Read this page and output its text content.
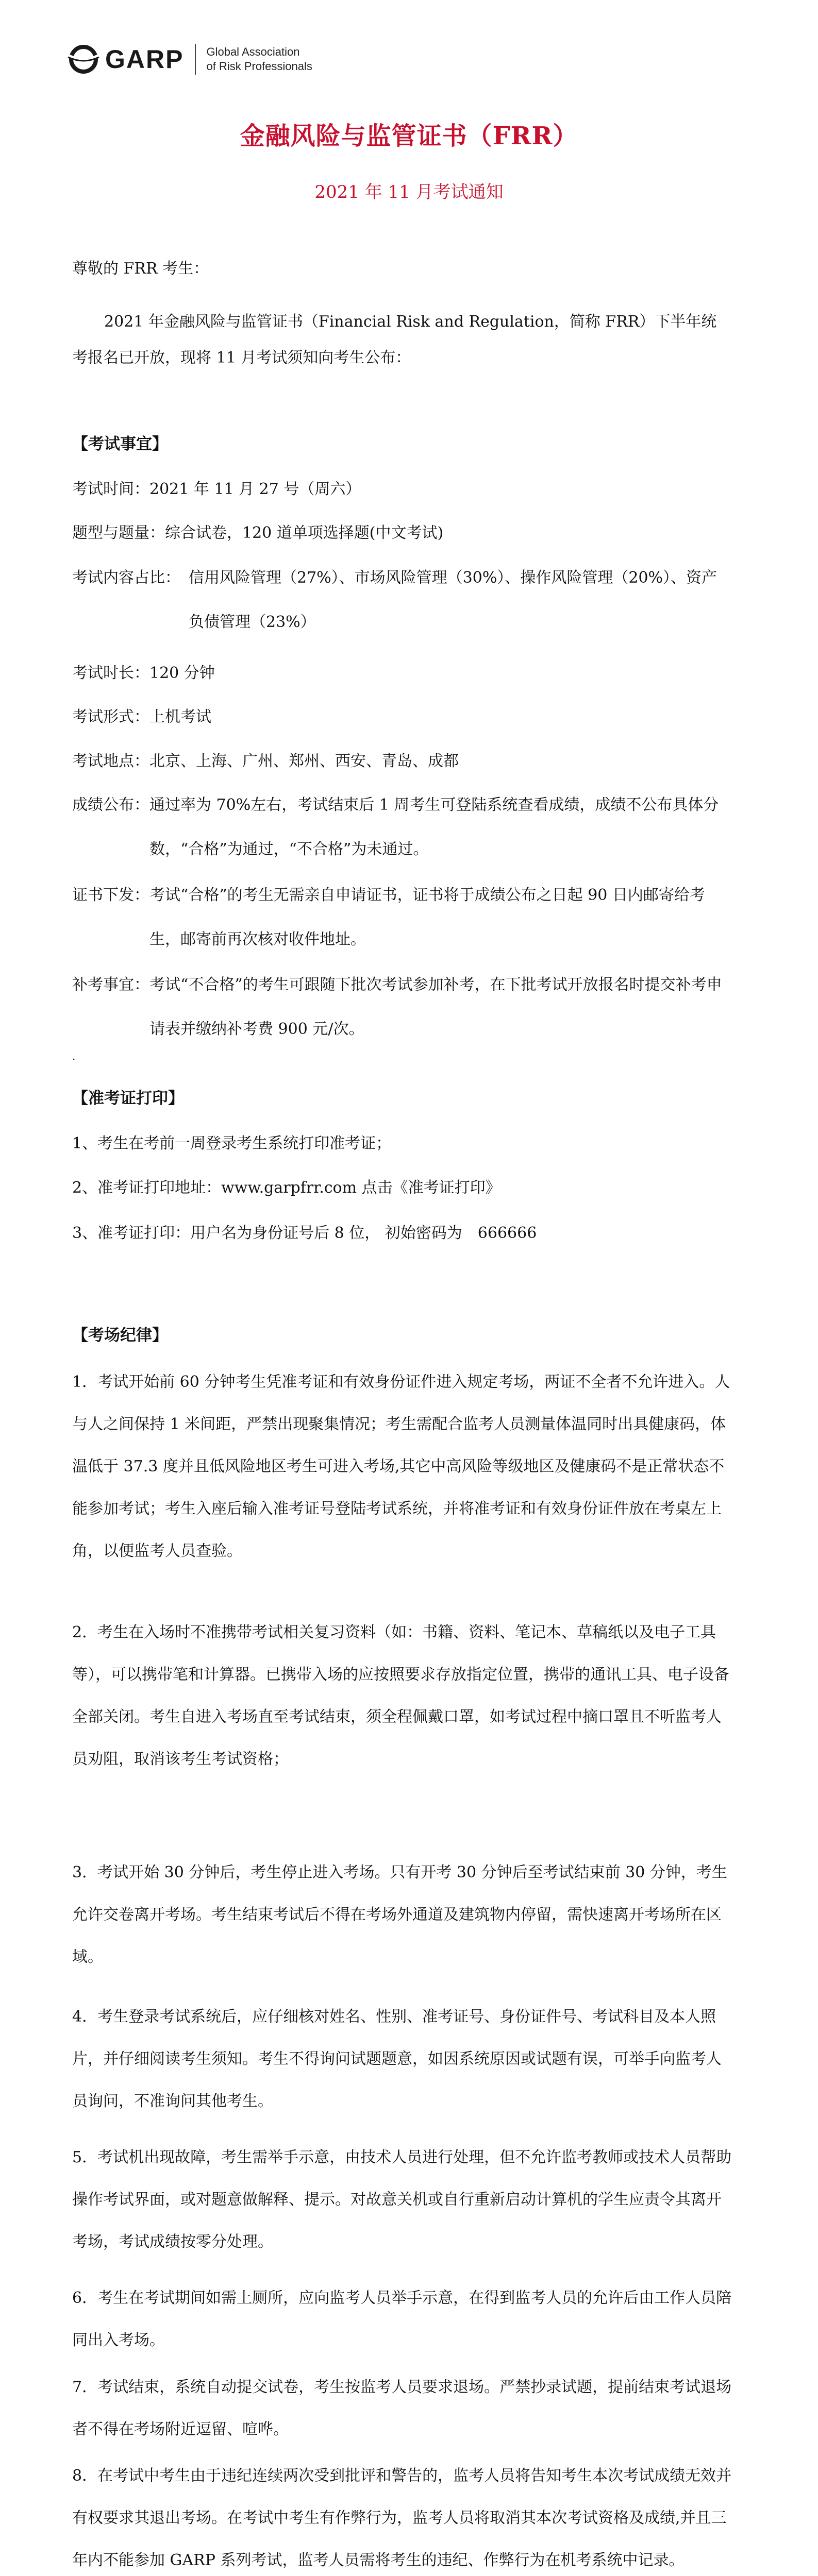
GARP Global Association
of Risk Professionals
金融风险与监管证书（FRR）
2021 年 11 月考试通知

尊敬的 FRR 考生：

2021 年金融风险与监管证书（Financial Risk and Regulation，简称 FRR）下半年统考报名已开放，现将 11 月考试须知向考生公布：

【考试事宜】
考试时间： 2021 年 11 月 27 号（周六）
题型与题量： 综合试卷，120 道单项选择题(中文考试)
考试内容占比： 信用风险管理（27%）、市场风险管理（30%）、操作风险管理（20%）、资产负债管理（23%）
考试时长： 120 分钟
考试形式： 上机考试
考试地点： 北京、上海、广州、郑州、西安、青岛、成都
成绩公布： 通过率为 70%左右，考试结束后 1 周考生可登陆系统查看成绩，成绩不公布具体分数，“合格”为通过，“不合格”为未通过。
证书下发： 考试“合格”的考生无需亲自申请证书，证书将于成绩公布之日起 90 日内邮寄给考生，邮寄前再次核对收件地址。
补考事宜： 考试“不合格”的考生可跟随下批次考试参加补考，在下批考试开放报名时提交补考申请表并缴纳补考费 900 元/次。
.
【准考证打印】

1、考生在考前一周登录考生系统打印准考证；

2、准考证打印地址：www.garpfrr.com 点击《准考证打印》

3、准考证打印：用户名为身份证号后 8 位， 初始密码为　666666

【考场纪律】

1．考试开始前 60 分钟考生凭准考证和有效身份证件进入规定考场，两证不全者不允许进入。人与人之间保持 1 米间距，严禁出现聚集情况；考生需配合监考人员测量体温同时出具健康码，体温低于 37.3 度并且低风险地区考生可进入考场,其它中高风险等级地区及健康码不是正常状态不能参加考试；考生入座后输入准考证号登陆考试系统，并将准考证和有效身份证件放在考桌左上角，以便监考人员查验。

2．考生在入场时不准携带考试相关复习资料（如：书籍、资料、笔记本、草稿纸以及电子工具等），可以携带笔和计算器。已携带入场的应按照要求存放指定位置，携带的通讯工具、电子设备全部关闭。考生自进入考场直至考试结束，须全程佩戴口罩，如考试过程中摘口罩且不听监考人员劝阻，取消该考生考试资格；

3．考试开始 30 分钟后，考生停止进入考场。只有开考 30 分钟后至考试结束前 30 分钟，考生允许交卷离开考场。考生结束考试后不得在考场外通道及建筑物内停留，需快速离开考场所在区域。

4．考生登录考试系统后，应仔细核对姓名、性别、准考证号、身份证件号、考试科目及本人照片，并仔细阅读考生须知。考生不得询问试题题意，如因系统原因或试题有误，可举手向监考人员询问，不准询问其他考生。

5．考试机出现故障，考生需举手示意，由技术人员进行处理，但不允许监考教师或技术人员帮助操作考试界面，或对题意做解释、提示。对故意关机或自行重新启动计算机的学生应责令其离开考场，考试成绩按零分处理。

6．考生在考试期间如需上厕所，应向监考人员举手示意，在得到监考人员的允许后由工作人员陪同出入考场。

7．考试结束，系统自动提交试卷，考生按监考人员要求退场。严禁抄录试题，提前结束考试退场者不得在考场附近逗留、喧哗。

8．在考试中考生由于违纪连续两次受到批评和警告的，监考人员将告知考生本次考试成绩无效并有权要求其退出考场。在考试中考生有作弊行为，监考人员将取消其本次考试资格及成绩,并且三年内不能参加 GARP 系列考试，监考人员需将考生的违纪、作弊行为在机考系统中记录。
